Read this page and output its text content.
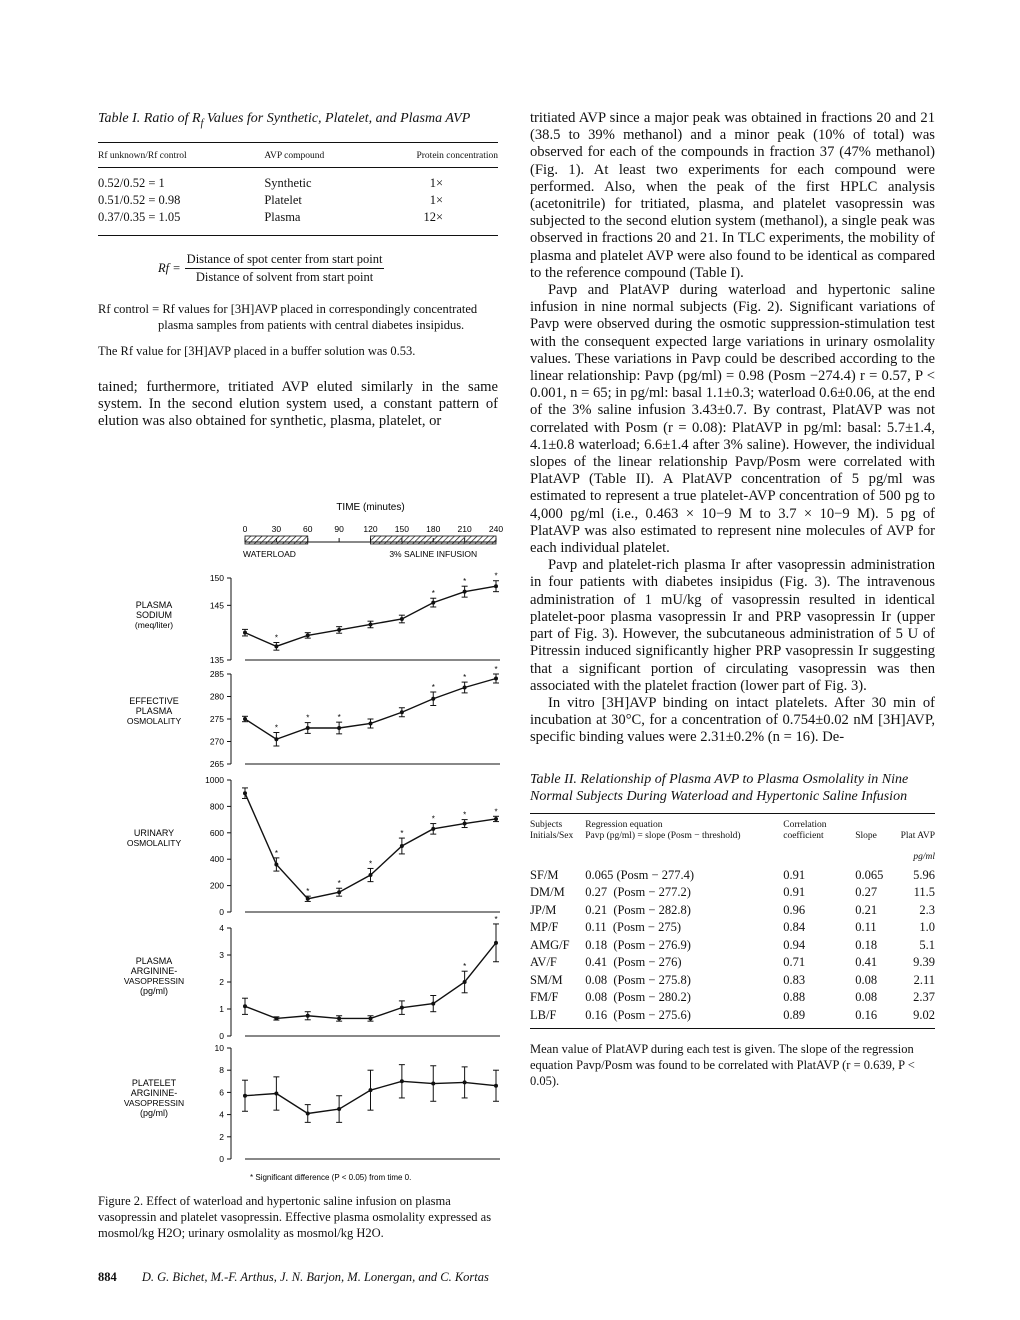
Table I. Ratio of $R_f$ Values for Synthetic, Platelet, and Plasma AVP

Rf unknown/Rf control	AVP compound	Protein concentration
0.52/0.52 = 1	Synthetic	1×
0.51/0.52 = 0.98	Platelet	1×
0.37/0.35 = 1.05	Plasma	12×
$Rf = \frac{\text{Distance of spot center from start point}}{\text{Distance of solvent from start point}}$

Rf control = Rf values for [3H]AVP placed in correspondingly concentrated plasma samples from patients with central diabetes insipidus.

The Rf value for [3H]AVP placed in a buffer solution was 0.53.

tained; furthermore, tritiated AVP eluted similarly in the same system. In the second elution system used, a constant pattern of elution was also obtained for synthetic, plasma, platelet, or

TIME (minutes)
0	30	60	90 120 150 180 210 240
WATERLOAD	3% SALINE INFUSION
PLASMA
SODIUM
(meq/liter)
135
145
150
*
*
*
*
EFFECTIVE
PLASMA
OSMOLALITY
265
270
275
280
285
*
*	*
*
*
*
URINARY
OSMOLALITY
0
200
400
600
800
1000
*
*
*
*
*
*	*	*
PLASMA
ARGININE-
VASOPRESSIN
(pg/ml)
0
1
2
3
4
*
*
PLATELET
ARGININE-
VASOPRESSIN
(pg/ml)
0
2
4
6
8
10
* Significant difference (P < 0.05) from time 0.
Figure 2. Effect of waterload and hypertonic saline infusion on plasma vasopressin and platelet vasopressin. Effective plasma osmolality expressed as mosmol/kg H2O; urinary osmolality as mosmol/kg H2O.

tritiated AVP since a major peak was obtained in fractions 20 and 21 (38.5 to 39% methanol) and a minor peak (10% of total) was observed for each of the compounds in fraction 37 (47% methanol) (Fig. 1). At least two experiments for each compound were performed. Also, when the peak of the first HPLC analysis (acetonitrile) for tritiated, plasma, and platelet vasopressin was subjected to the second elution system (methanol), a single peak was observed in fractions 20 and 21. In TLC experiments, the mobility of plasma and platelet AVP were also found to be identical as compared to the reference compound (Table I).

Pavp and PlatAVP during waterload and hypertonic saline infusion in nine normal subjects (Fig. 2). Significant variations of Pavp were observed during the osmotic suppression-stimulation test with the consequent expected large variations in urinary osmolality values. These variations in Pavp could be described according to the linear relationship: Pavp (pg/ml) = 0.98 (Posm −274.4) r = 0.57, P < 0.001, n = 65; in pg/ml: basal 1.1±0.3; waterload 0.6±0.06, at the end of the 3% saline infusion 3.43±0.7. By contrast, PlatAVP was not correlated with Posm (r = 0.08): PlatAVP in pg/ml: basal: 5.7±1.4, 4.1±0.8 waterload; 6.6±1.4 after 3% saline). However, the individual slopes of the linear relationship Pavp/Posm were correlated with PlatAVP (Table II). A PlatAVP concentration of 5 pg/ml was estimated to represent a true platelet-AVP concentration of 500 pg to 4,000 pg/ml (i.e., 0.463 × 10−9 M to 3.7 × 10−9 M). 5 pg of PlatAVP was also estimated to represent nine molecules of AVP for each individual platelet.

Pavp and platelet-rich plasma Ir after vasopressin administration in four patients with diabetes insipidus (Fig. 3). The intravenous administration of 1 mU/kg of vasopressin resulted in identical platelet-poor plasma vasopressin Ir and PRP vasopressin Ir (upper part of Fig. 3). However, the subcutaneous administration of 5 U of Pitressin induced significantly higher PRP vasopressin Ir suggesting that a significant portion of circulating vasopressin was then associated with the platelet fraction (lower part of Fig. 3).

In vitro [3H]AVP binding on intact platelets. After 30 min of incubation at 30°C, for a concentration of 0.754±0.02 nM [3H]AVP, specific binding values were 2.31±0.2% (n = 16). De-

Table II. Relationship of Plasma AVP to Plasma Osmolality in Nine Normal Subjects During Waterload and Hypertonic Saline Infusion

Subjects
Initials/Sex	Regression equation
Pavp (pg/ml) = slope (Posm − threshold)	Correlation coefficient	Slope	Plat AVP
				pg/ml
SF/M	0.065 (Posm − 277.4)	0.91	0.065	5.96
DM/M	0.27  (Posm − 277.2)	0.91	0.27	11.5
JP/M	0.21  (Posm − 282.8)	0.96	0.21	2.3
MP/F	0.11  (Posm − 275)	0.84	0.11	1.0
AMG/F	0.18  (Posm − 276.9)	0.94	0.18	5.1
AV/F	0.41  (Posm − 276)	0.71	0.41	9.39
SM/M	0.08  (Posm − 275.8)	0.83	0.08	2.11
FM/F	0.08  (Posm − 280.2)	0.88	0.08	2.37
LB/F	0.16  (Posm − 275.6)	0.89	0.16	9.02

Mean value of PlatAVP during each test is given. The slope of the regression equation Pavp/Posm was found to be correlated with PlatAVP (r = 0.639, P < 0.05).

884 D. G. Bichet, M.-F. Arthus, J. N. Barjon, M. Lonergan, and C. Kortas
